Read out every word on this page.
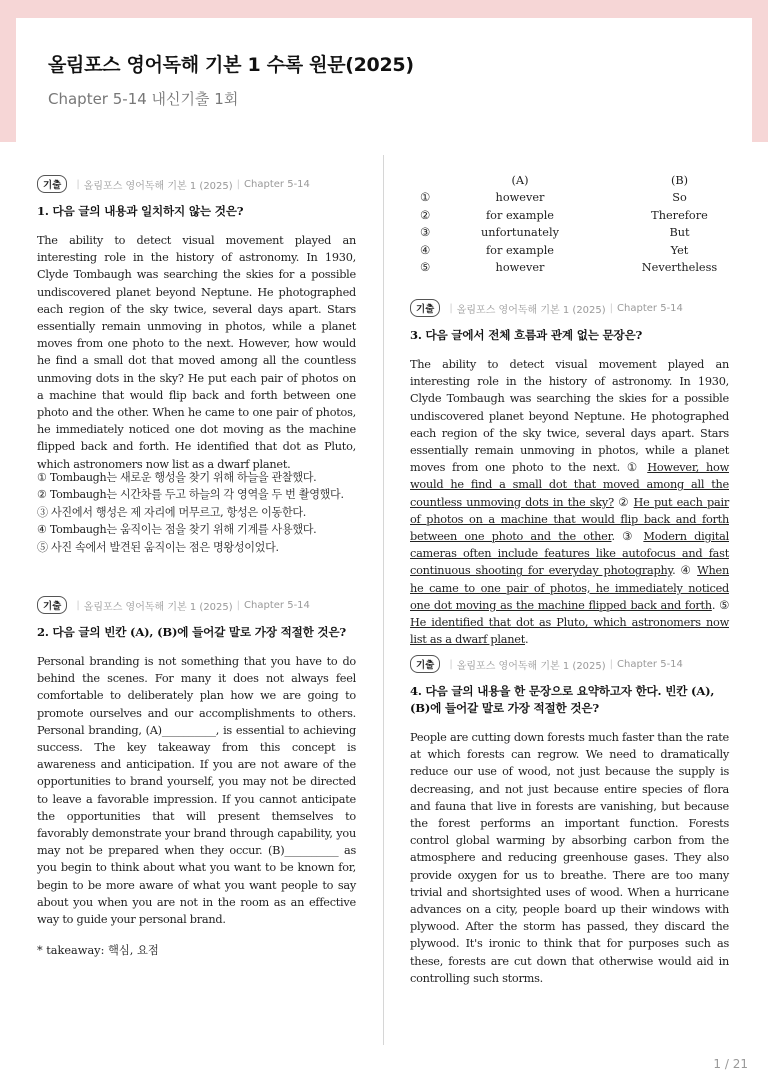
올림포스 영어독해 기본 1 수록 원문(2025)
Chapter 5-14 내신기출 1회
기출	| 올림포스 영어독해 기본 1 (2025) | Chapter 5-14
1. 다음 글의 내용과 일치하지 않는 것은?

The ability to detect visual movement played an interesting role in the history of astronomy. In 1930, Clyde Tombaugh was searching the skies for a possible undiscovered planet beyond Neptune. He photographed each region of the sky twice, several days apart. Stars essentially remain unmoving in photos, while a planet moves from one photo to the next. However, how would he find a small dot that moved among all the countless unmoving dots in the sky? He put each pair of photos on a machine that would flip back and forth between one photo and the other. When he came to one pair of photos, he immediately noticed one dot moving as the machine flipped back and forth. He identified that dot as Pluto, which astronomers now list as a dwarf planet.

① Tombaugh는 새로운 행성을 찾기 위해 하늘을 관찰했다.
② Tombaugh는 시간차를 두고 하늘의 각 영역을 두 번 촬영했다.
③ 사진에서 행성은 제 자리에 머무르고, 항성은 이동한다.
④ Tombaugh는 움직이는 점을 찾기 위해 기계를 사용했다.
⑤ 사진 속에서 발견된 움직이는 점은 명왕성이었다.
기출	| 올림포스 영어독해 기본 1 (2025) | Chapter 5-14
2. 다음 글의 빈칸 (A), (B)에 들어갈 말로 가장 적절한 것은?

Personal branding is not something that you have to do behind the scenes. For many it does not always feel comfortable to deliberately plan how we are going to promote ourselves and our accomplishments to others. Personal branding, (A)__________, is essential to achieving success. The key takeaway from this concept is awareness and anticipation. If you are not aware of the opportunities to brand yourself, you may not be directed to leave a favorable impression. If you cannot anticipate the opportunities that will present themselves to favorably demonstrate your brand through capability, you may not be prepared when they occur. (B)__________ as you begin to think about what you want to be known for, begin to be more aware of what you want people to say about you when you are not in the room as an effective way to guide your personal brand.

* takeaway: 핵심, 요점
(A)	(B)
①	however	So
②	for example	Therefore
③	unfortunately	But
④	for example	Yet
⑤	however	Nevertheless
기출	| 올림포스 영어독해 기본 1 (2025) | Chapter 5-14
3. 다음 글에서 전체 흐름과 관계 없는 문장은?

The ability to detect visual movement played an interesting role in the history of astronomy. In 1930, Clyde Tombaugh was searching the skies for a possible undiscovered planet beyond Neptune. He photographed each region of the sky twice, several days apart. Stars essentially remain unmoving in photos, while a planet moves from one photo to the next. ① However, how would he find a small dot that moved among all the countless unmoving dots in the sky? ② He put each pair of photos on a machine that would flip back and forth between one photo and the other. ③ Modern digital cameras often include features like autofocus and fast continuous shooting for everyday photography. ④ When he came to one pair of photos, he immediately noticed one dot moving as the machine flipped back and forth. ⑤ He identified that dot as Pluto, which astronomers now list as a dwarf planet.

기출	| 올림포스 영어독해 기본 1 (2025) | Chapter 5-14
4. 다음 글의 내용을 한 문장으로 요약하고자 한다. 빈칸 (A), (B)에 들어갈 말로 가장 적절한 것은?

People are cutting down forests much faster than the rate at which forests can regrow. We need to dramatically reduce our use of wood, not just because the supply is decreasing, and not just because entire species of flora and fauna that live in forests are vanishing, but because the forest performs an important function. Forests control global warming by absorbing carbon from the atmosphere and reducing greenhouse gases. They also provide oxygen for us to breathe. There are too many trivial and shortsighted uses of wood. When a hurricane advances on a city, people board up their windows with plywood. After the storm has passed, they discard the plywood. It's ironic to think that for purposes such as these, forests are cut down that otherwise would aid in controlling such storms.

1 / 21
